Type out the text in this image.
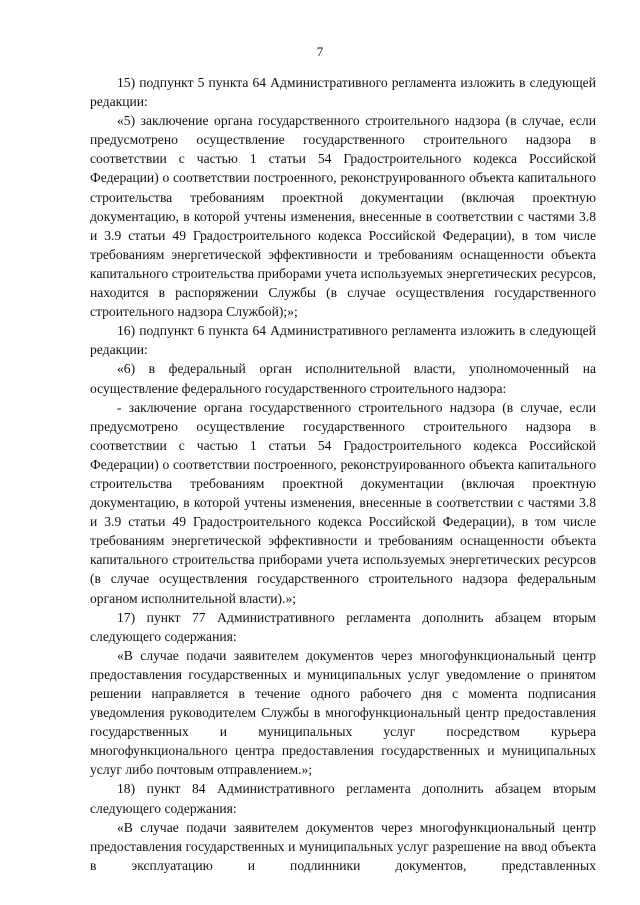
7

15) подпункт 5 пункта 64 Административного регламента изложить в следующей редакции:

«5) заключение органа государственного строительного надзора (в случае, если предусмотрено осуществление государственного строительного надзора в соответствии с частью 1 статьи 54 Градостроительного кодекса Российской Федерации) о соответствии построенного, реконструированного объекта капитального строительства требованиям проектной документации (включая проектную документацию, в которой учтены изменения, внесенные в соответствии с частями 3.8 и 3.9 статьи 49 Градостроительного кодекса Российской Федерации), в том числе требованиям энергетической эффективности и требованиям оснащенности объекта капитального строительства приборами учета используемых энергетических ресурсов, находится в распоряжении Службы (в случае осуществления государственного строительного надзора Службой);»;

16) подпункт 6 пункта 64 Административного регламента изложить в следующей редакции:

«6) в федеральный орган исполнительной власти, уполномоченный на осуществление федерального государственного строительного надзора:

- заключение органа государственного строительного надзора (в случае, если предусмотрено осуществление государственного строительного надзора в соответствии с частью 1 статьи 54 Градостроительного кодекса Российской Федерации) о соответствии построенного, реконструированного объекта капитального строительства требованиям проектной документации (включая проектную документацию, в которой учтены изменения, внесенные в соответствии с частями 3.8 и 3.9 статьи 49 Градостроительного кодекса Российской Федерации), в том числе требованиям энергетической эффективности и требованиям оснащенности объекта капитального строительства приборами учета используемых энергетических ресурсов (в случае осуществления государственного строительного надзора федеральным органом исполнительной власти).»;

17) пункт 77 Административного регламента дополнить абзацем вторым следующего содержания:

«В случае подачи заявителем документов через многофункциональный центр предоставления государственных и муниципальных услуг уведомление о принятом решении направляется в течение одного рабочего дня с момента подписания уведомления руководителем Службы в многофункциональный центр предоставления государственных и муниципальных услуг посредством курьера многофункционального центра предоставления государственных и муниципальных услуг либо почтовым отправлением.»;

18) пункт 84 Административного регламента дополнить абзацем вторым следующего содержания:

«В случае подачи заявителем документов через многофункциональный центр предоставления государственных и муниципальных услуг разрешение на ввод объекта в эксплуатацию и подлинники документов, представленных
